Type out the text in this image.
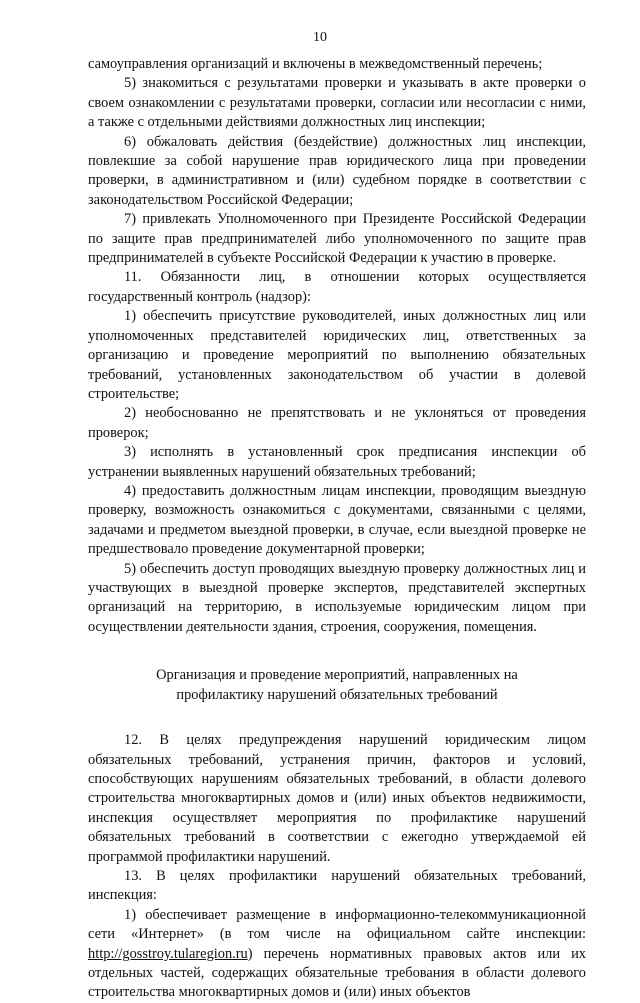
10

самоуправления организаций и включены в межведомственный перечень;

5) знакомиться с результатами проверки и указывать в акте проверки о своем ознакомлении с результатами проверки, согласии или несогласии с ними, а также с отдельными действиями должностных лиц инспекции;

6) обжаловать действия (бездействие) должностных лиц инспекции, повлекшие за собой нарушение прав юридического лица при проведении проверки, в административном и (или) судебном порядке в соответствии с законодательством Российской Федерации;

7) привлекать Уполномоченного при Президенте Российской Федерации по защите прав предпринимателей либо уполномоченного по защите прав предпринимателей в субъекте Российской Федерации к участию в проверке.

11. Обязанности лиц, в отношении которых осуществляется государственный контроль (надзор):

1) обеспечить присутствие руководителей, иных должностных лиц или уполномоченных представителей юридических лиц, ответственных за организацию и проведение мероприятий по выполнению обязательных требований, установленных законодательством об участии в долевой строительстве;

2) необоснованно не препятствовать и не уклоняться от проведения проверок;

3) исполнять в установленный срок предписания инспекции об устранении выявленных нарушений обязательных требований;

4) предоставить должностным лицам инспекции, проводящим выездную проверку, возможность ознакомиться с документами, связанными с целями, задачами и предметом выездной проверки, в случае, если выездной проверке не предшествовало проведение документарной проверки;

5) обеспечить доступ проводящих выездную проверку должностных лиц и участвующих в выездной проверке экспертов, представителей экспертных организаций на территорию, в используемые юридическим лицом при осуществлении деятельности здания, строения, сооружения, помещения.

Организация и проведение мероприятий, направленных на
профилактику нарушений обязательных требований

12. В целях предупреждения нарушений юридическим лицом обязательных требований, устранения причин, факторов и условий, способствующих нарушениям обязательных требований, в области долевого строительства многоквартирных домов и (или) иных объектов недвижимости, инспекция осуществляет мероприятия по профилактике нарушений обязательных требований в соответствии с ежегодно утверждаемой ей программой профилактики нарушений.

13. В целях профилактики нарушений обязательных требований, инспекция:

1) обеспечивает размещение в информационно-телекоммуникационной сети «Интернет» (в том числе на официальном сайте инспекции: http://gosstroy.tularegion.ru) перечень нормативных правовых актов или их отдельных частей, содержащих обязательные требования в области долевого строительства многоквартирных домов и (или) иных объектов
